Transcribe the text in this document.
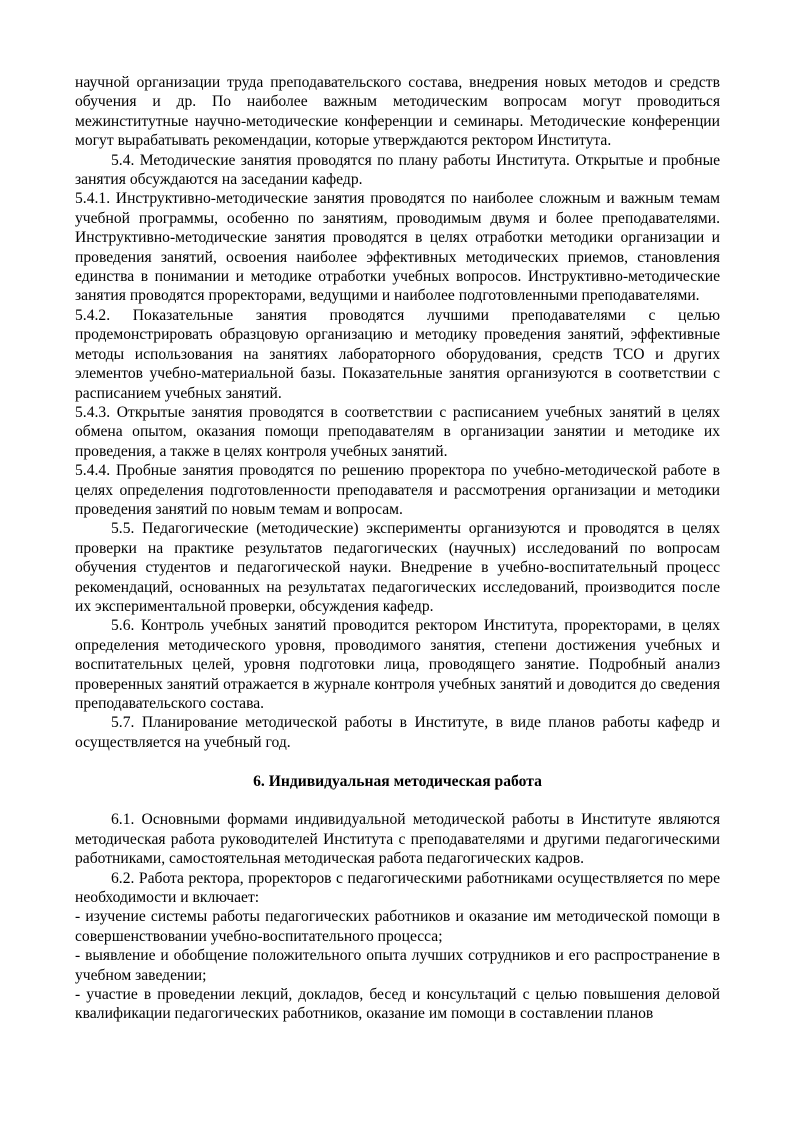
научной организации труда преподавательского состава, внедрения новых методов и средств обучения и др. По наиболее важным методическим вопросам могут проводиться межинститутные научно-методические конференции и семинары. Методические конференции могут вырабатывать рекомендации, которые утверждаются ректором Института.

5.4. Методические занятия проводятся по плану работы Института. Открытые и пробные занятия обсуждаются на заседании кафедр.

5.4.1. Инструктивно-методические занятия проводятся по наиболее сложным и важным темам учебной программы, особенно по занятиям, проводимым двумя и более преподавателями. Инструктивно-методические занятия проводятся в целях отработки методики организации и проведения занятий, освоения наиболее эффективных методических приемов, становления единства в понимании и методике отработки учебных вопросов. Инструктивно-методические занятия проводятся проректорами, ведущими и наиболее подготовленными преподавателями.

5.4.2. Показательные занятия проводятся лучшими преподавателями с целью продемонстрировать образцовую организацию и методику проведения занятий, эффективные методы использования на занятиях лабораторного оборудования, средств ТСО и других элементов учебно-материальной базы. Показательные занятия организуются в соответствии с расписанием учебных занятий.

5.4.3. Открытые занятия проводятся в соответствии с расписанием учебных занятий в целях обмена опытом, оказания помощи преподавателям в организации занятии и методике их проведения, а также в целях контроля учебных занятий.

5.4.4. Пробные занятия проводятся по решению проректора по учебно-методической работе в целях определения подготовленности преподавателя и рассмотрения организации и методики проведения занятий по новым темам и вопросам.

5.5. Педагогические (методические) эксперименты организуются и проводятся в целях проверки на практике результатов педагогических (научных) исследований по вопросам обучения студентов и педагогической науки. Внедрение в учебно-воспитательный процесс рекомендаций, основанных на результатах педагогических исследований, производится после их экспериментальной проверки, обсуждения кафедр.

5.6. Контроль учебных занятий проводится ректором Института, проректорами, в целях определения методического уровня, проводимого занятия, степени достижения учебных и воспитательных целей, уровня подготовки лица, проводящего занятие. Подробный анализ проверенных занятий отражается в журнале контроля учебных занятий и доводится до сведения преподавательского состава.

5.7. Планирование методической работы в Институте, в виде планов работы кафедр и осуществляется на учебный год.

6. Индивидуальная методическая работа

6.1. Основными формами индивидуальной методической работы в Институте являются методическая работа руководителей Института с преподавателями и другими педагогическими работниками, самостоятельная методическая работа педагогических кадров.

6.2. Работа ректора, проректоров с педагогическими работниками осуществляется по мере необходимости и включает:

- изучение системы работы педагогических работников и оказание им методической помощи в совершенствовании учебно-воспитательного процесса;

- выявление и обобщение положительного опыта лучших сотрудников и его распространение в учебном заведении;

- участие в проведении лекций, докладов, бесед и консультаций с целью повышения деловой квалификации педагогических работников, оказание им помощи в составлении планов
